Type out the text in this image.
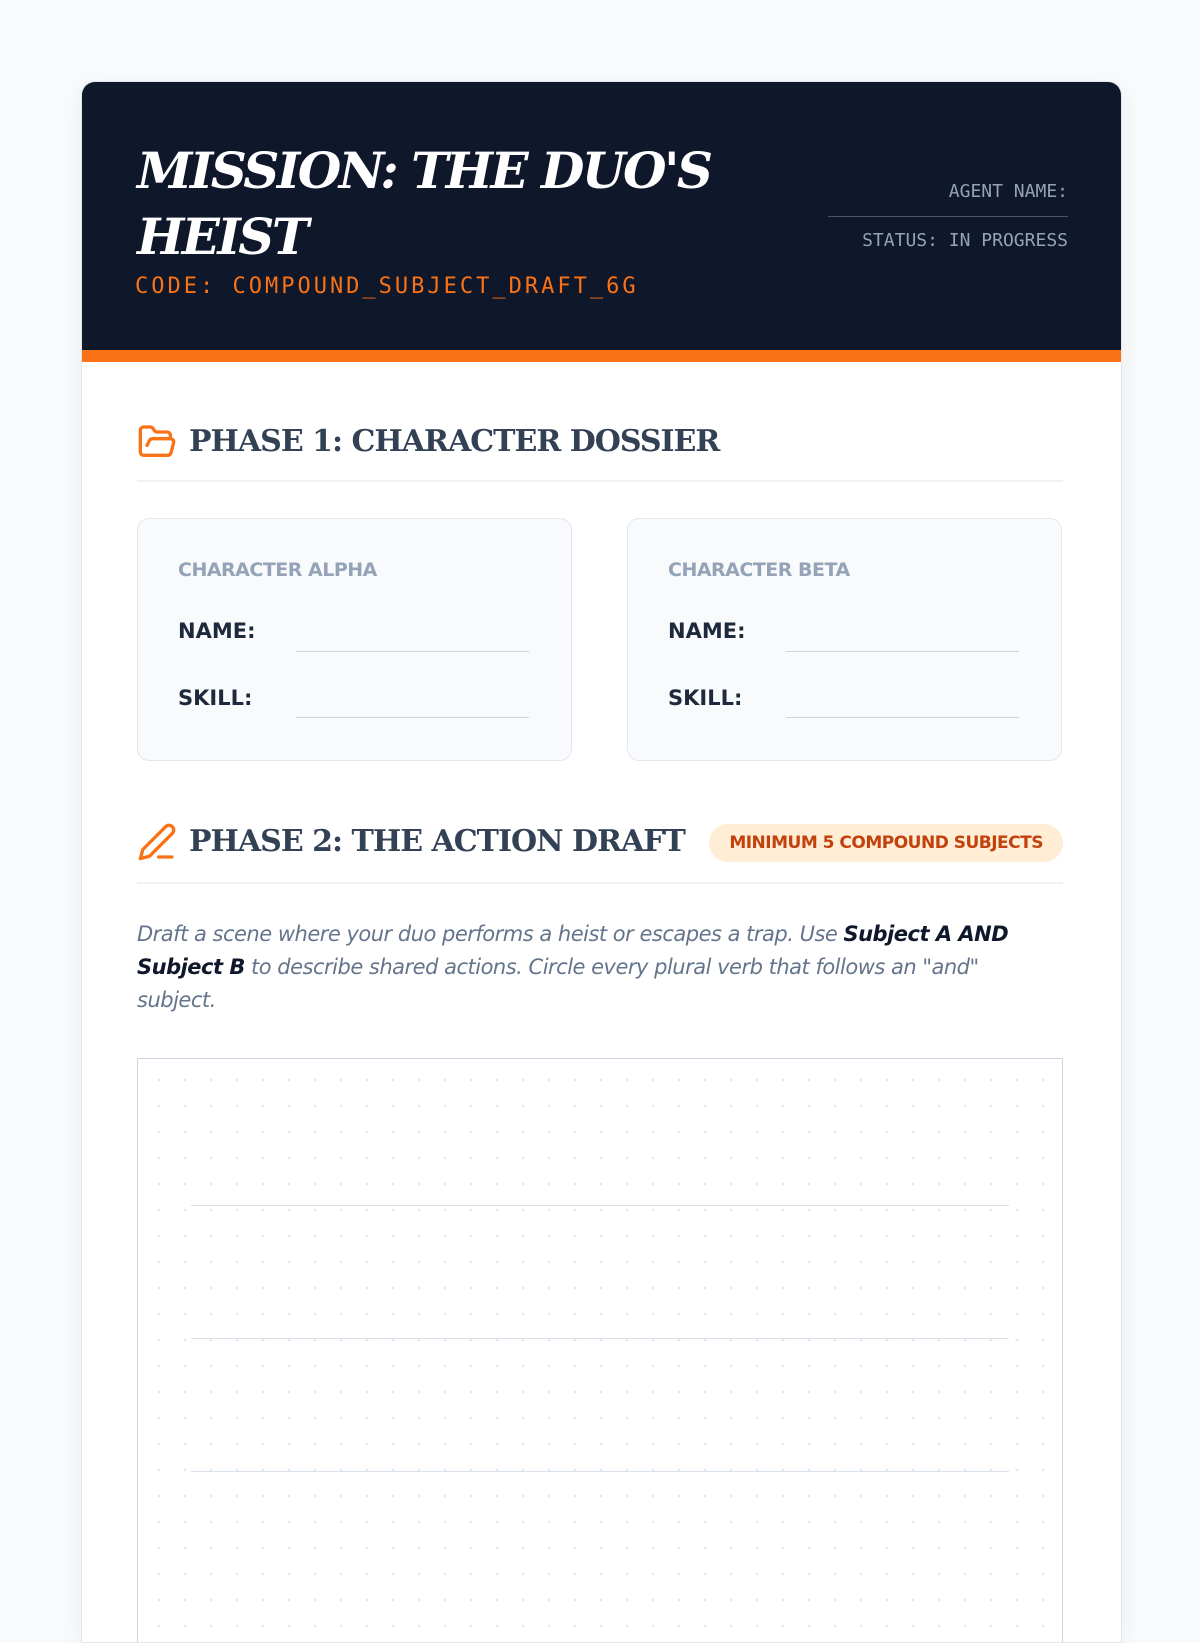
MISSION: THE DUO'S HEIST
CODE: COMPOUND_SUBJECT_DRAFT_6G
AGENT NAME:
STATUS: IN PROGRESS
PHASE 1: CHARACTER DOSSIER
CHARACTER ALPHA
NAME:
SKILL:
CHARACTER BETA
NAME:
SKILL:
PHASE 2: THE ACTION DRAFT	MINIMUM 5 COMPOUND SUBJECTS

Draft a scene where your duo performs a heist or escapes a trap. Use Subject A AND Subject B to describe shared actions. Circle every plural verb that follows an "and" subject.
